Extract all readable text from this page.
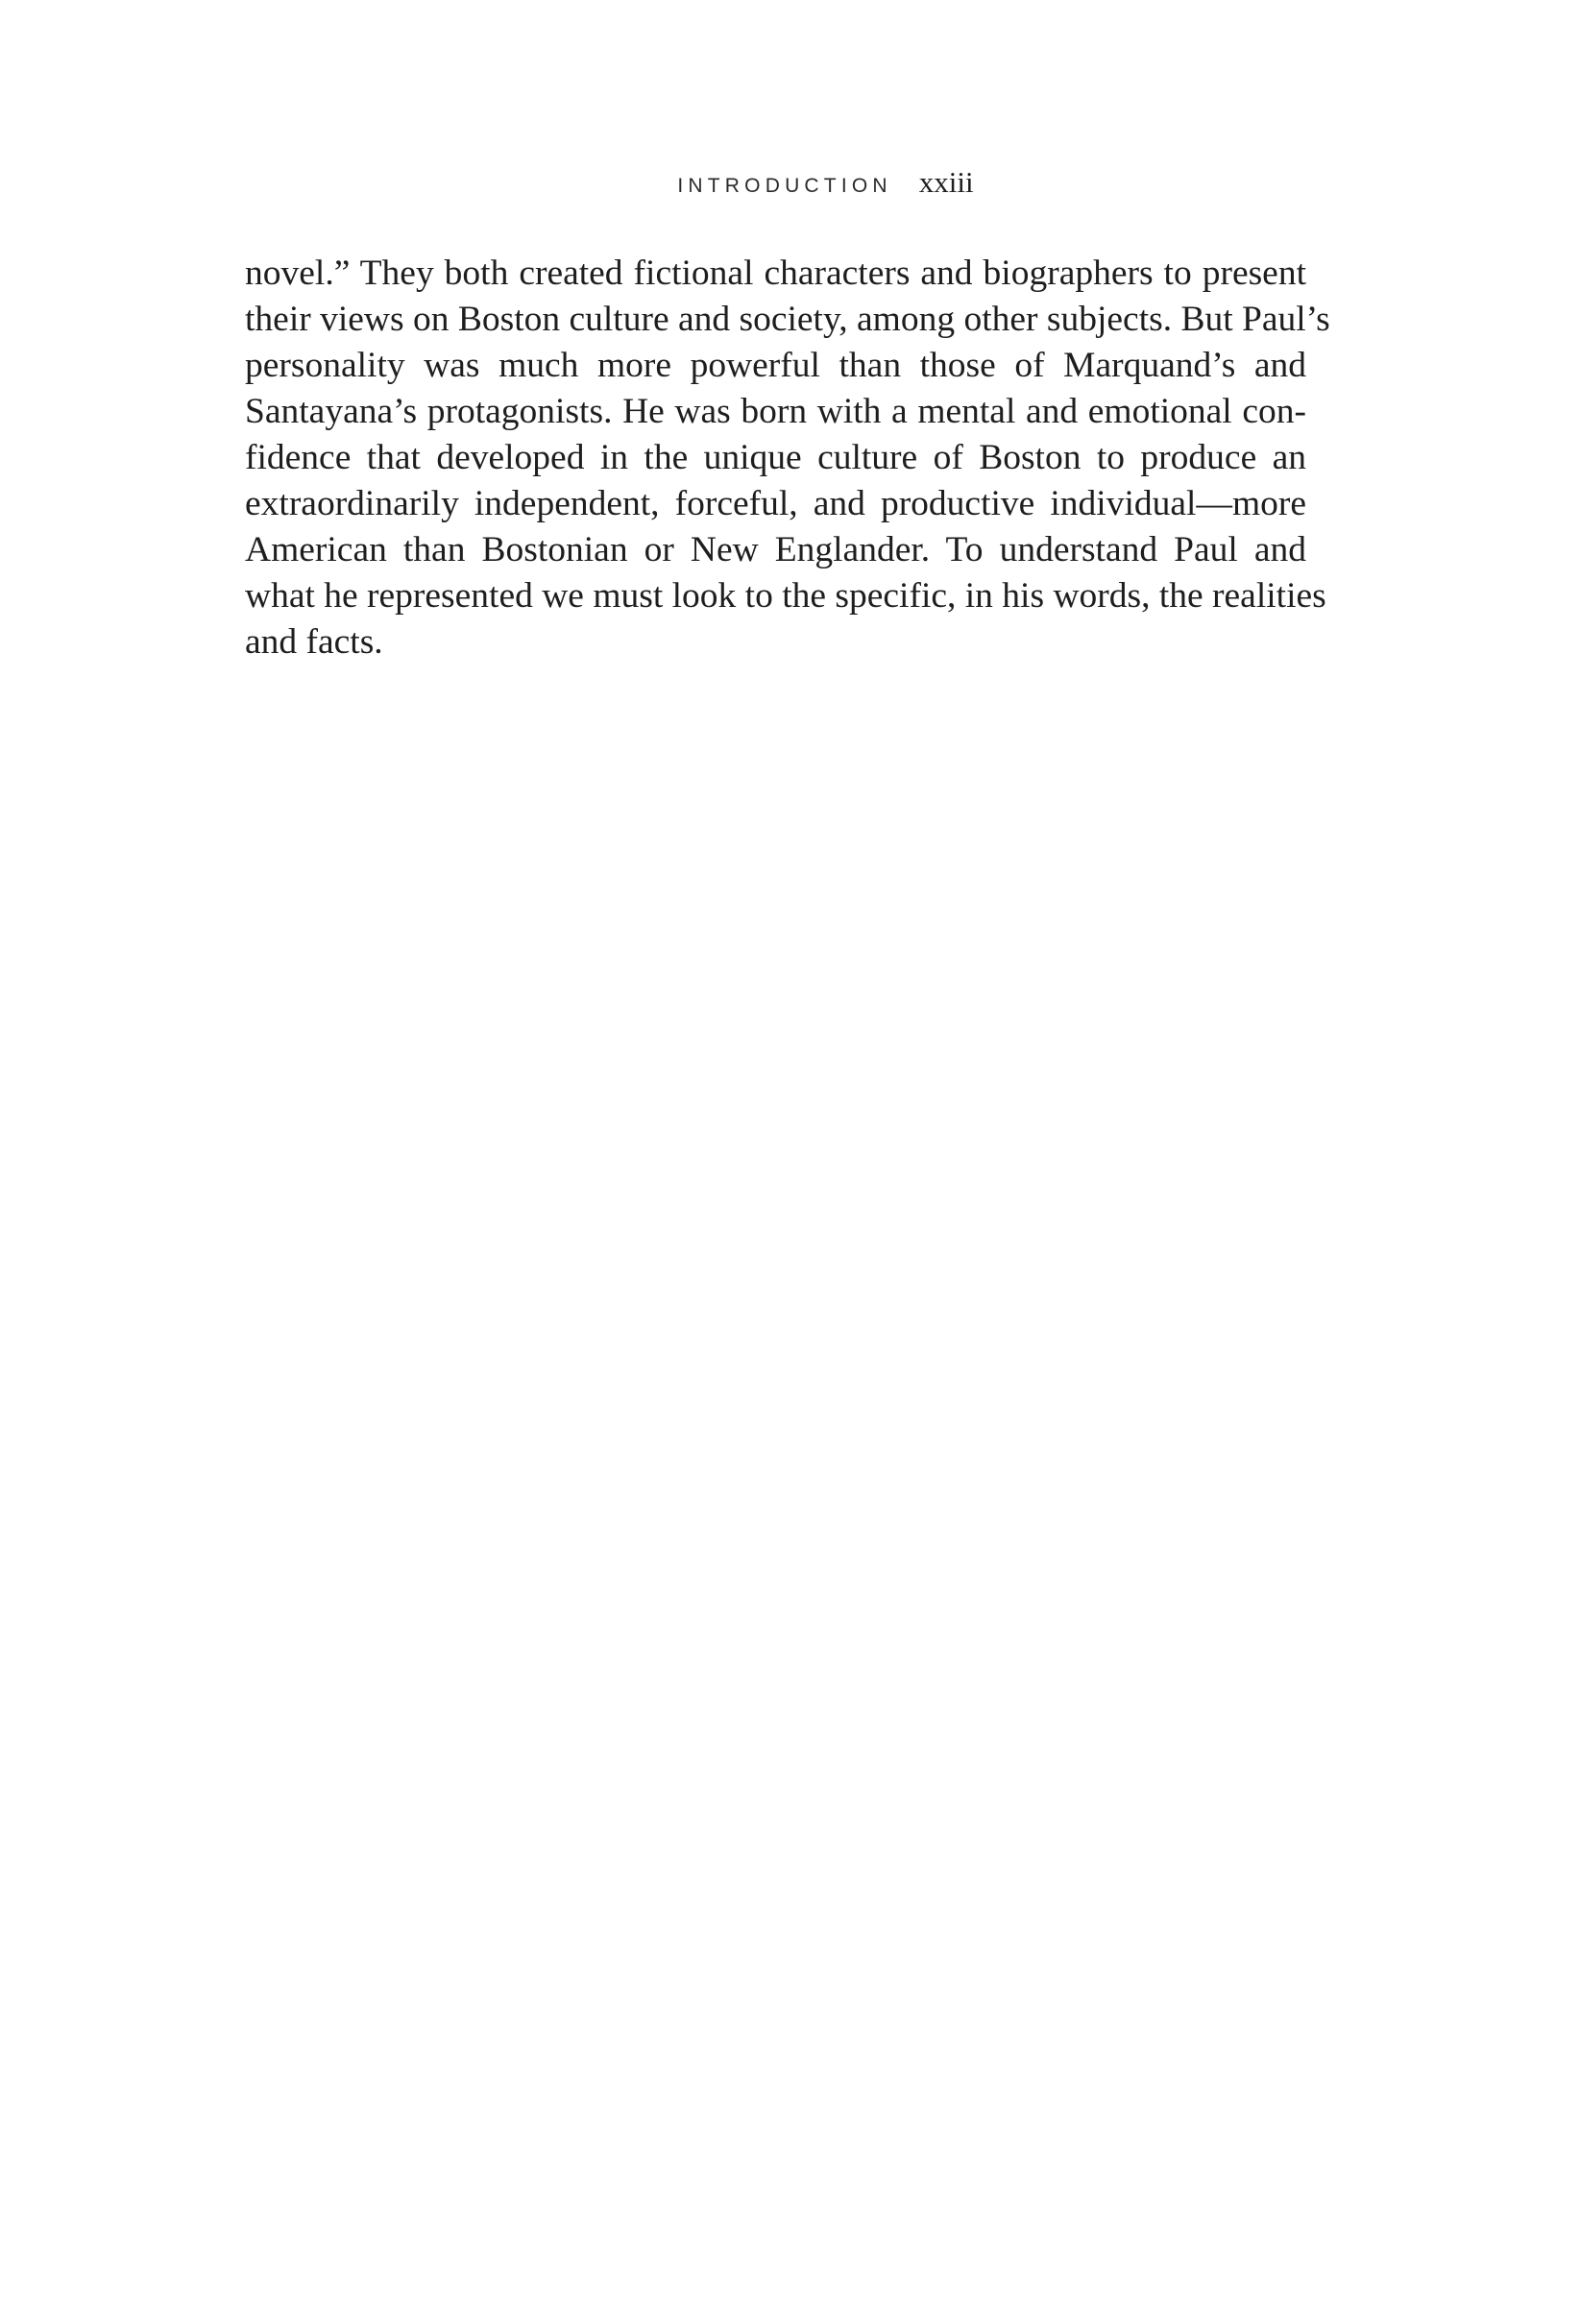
INTRODUCTION xxiii
novel.” They both created fictional characters and biographers to present
their views on Boston culture and society, among other subjects. But Paul’s
personality was much more powerful than those of Marquand’s and
Santayana’s protagonists. He was born with a mental and emotional con-
fidence that developed in the unique culture of Boston to produce an
extraordinarily independent, forceful, and productive individual—more
American than Bostonian or New Englander. To understand Paul and
what he represented we must look to the specific, in his words, the realities
and facts.
